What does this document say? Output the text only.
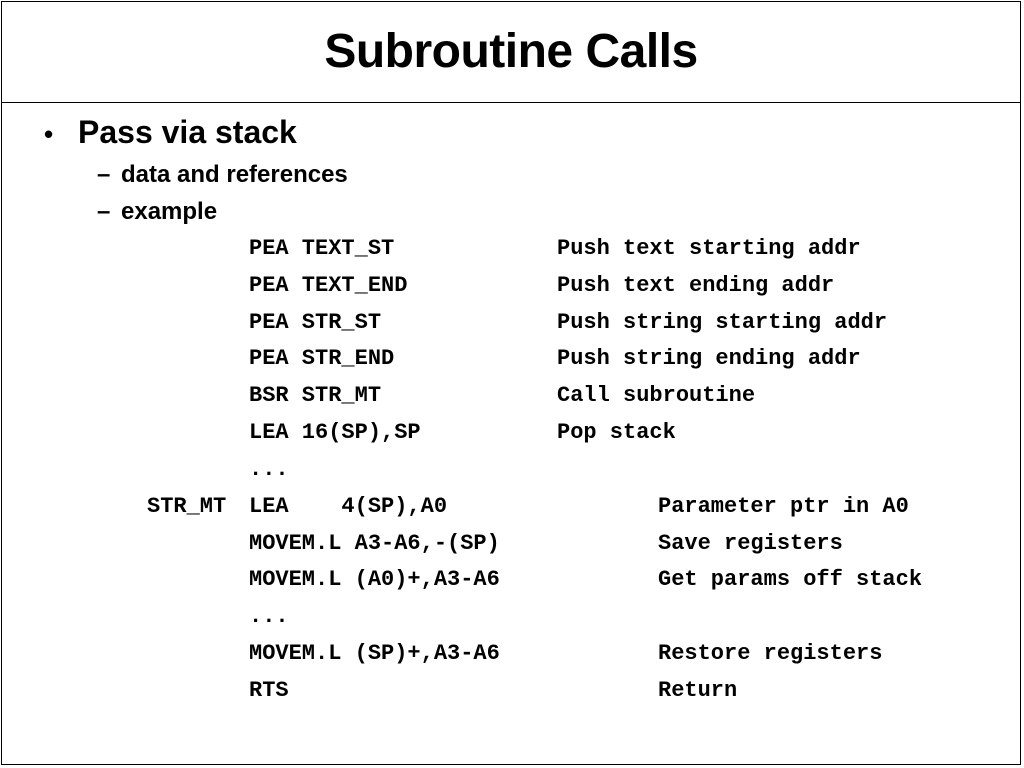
Subroutine Calls
• Pass via stack
– data and references
– example
PEA TEXT_ST	Push text starting addr
PEA TEXT_END	Push text ending addr
PEA STR_ST	Push string starting addr
PEA STR_END	Push string ending addr
BSR STR_MT	Call subroutine
LEA 16(SP),SP	Pop stack
...
STR_MT LEA    4(SP),A0	Parameter ptr in A0
MOVEM.L A3-A6,-(SP)	Save registers
MOVEM.L (A0)+,A3-A6	Get params off stack
...
MOVEM.L (SP)+,A3-A6	Restore registers
RTS	Return
